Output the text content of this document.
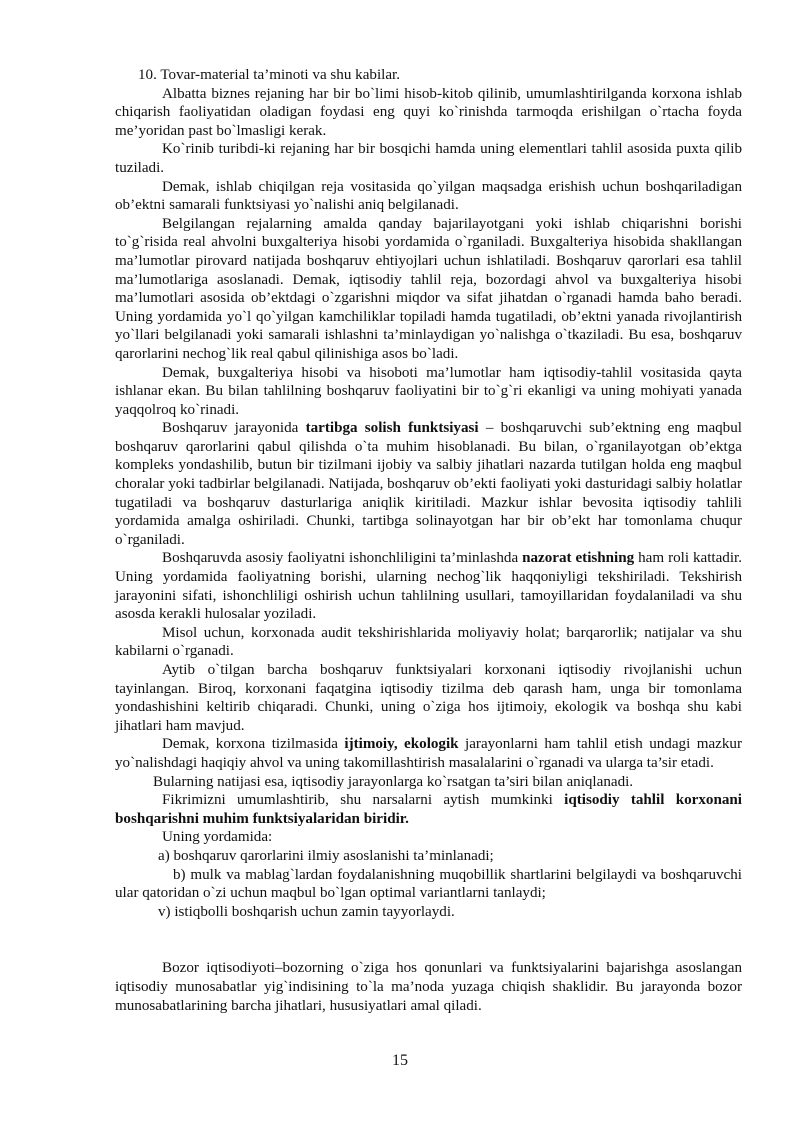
10. Tovar-material ta’minoti va shu kabilar.

Albatta biznes rejaning har bir bo`limi hisob-kitob qilinib, umumlashtirilganda korxona ishlab chiqarish faoliyatidan oladigan foydasi eng quyi ko`rinishda tarmoqda erishilgan o`rtacha foyda me’yoridan past bo`lmasligi kerak.

Ko`rinib turibdi-ki rejaning har bir bosqichi hamda uning elementlari tahlil asosida puxta qilib tuziladi.

Demak, ishlab chiqilgan reja vositasida qo`yilgan maqsadga erishish uchun boshqariladigan ob’ektni samarali funktsiyasi yo`nalishi aniq belgilanadi.

Belgilangan rejalarning amalda qanday bajarilayotgani yoki ishlab chiqarishni borishi to`g`risida real ahvolni buxgalteriya hisobi yordamida o`rganiladi. Buxgalteriya hisobida shakllangan ma’lumotlar pirovard natijada boshqaruv ehtiyojlari uchun ishlatiladi. Boshqaruv qarorlari esa tahlil ma’lumotlariga asoslanadi. Demak, iqtisodiy tahlil reja, bozordagi ahvol va buxgalteriya hisobi ma’lumotlari asosida ob’ektdagi o`zgarishni miqdor va sifat jihatdan o`rganadi hamda baho beradi. Uning yordamida yo`l qo`yilgan kamchiliklar topiladi hamda tugatiladi, ob’ektni yanada rivojlantirish yo`llari belgilanadi yoki samarali ishlashni ta’minlaydigan yo`nalishga o`tkaziladi. Bu esa, boshqaruv qarorlarini nechog`lik real qabul qilinishiga asos bo`ladi.

Demak, buxgalteriya hisobi va hisoboti ma’lumotlar ham iqtisodiy-tahlil vositasida qayta ishlanar ekan. Bu bilan tahlilning boshqaruv faoliyatini bir to`g`ri ekanligi va uning mohiyati yanada yaqqolroq ko`rinadi.

Boshqaruv jarayonida tartibga solish funktsiyasi – boshqaruvchi sub’ektning eng maqbul boshqaruv qarorlarini qabul qilishda o`ta muhim hisoblanadi. Bu bilan, o`rganilayotgan ob’ektga kompleks yondashilib, butun bir tizilmani ijobiy va salbiy jihatlari nazarda tutilgan holda eng maqbul choralar yoki tadbirlar belgilanadi. Natijada, boshqaruv ob’ekti faoliyati yoki dasturidagi salbiy holatlar tugatiladi va boshqaruv dasturlariga aniqlik kiritiladi. Mazkur ishlar bevosita iqtisodiy tahlili yordamida amalga oshiriladi. Chunki, tartibga solinayotgan har bir ob’ekt har tomonlama chuqur o`rganiladi.

Boshqaruvda asosiy faoliyatni ishonchliligini ta’minlashda nazorat etishning ham roli kattadir. Uning yordamida faoliyatning borishi, ularning nechog`lik haqqoniyligi tekshiriladi. Tekshirish jarayonini sifati, ishonchliligi oshirish uchun tahlilning usullari, tamoyillaridan foydalaniladi va shu asosda kerakli hulosalar yoziladi.

Misol uchun, korxonada audit tekshirishlarida moliyaviy holat; barqarorlik; natijalar va shu kabilarni o`rganadi.

Aytib o`tilgan barcha boshqaruv funktsiyalari korxonani iqtisodiy rivojlanishi uchun tayinlangan. Biroq, korxonani faqatgina iqtisodiy tizilma deb qarash ham, unga bir tomonlama yondashishini keltirib chiqaradi. Chunki, uning o`ziga hos ijtimoiy, ekologik va boshqa shu kabi jihatlari ham mavjud.

Demak, korxona tizilmasida ijtimoiy, ekologik jarayonlarni ham tahlil etish undagi mazkur yo`nalishdagi haqiqiy ahvol va uning takomillashtirish masalalarini o`rganadi va ularga ta’sir etadi.

Bularning natijasi esa, iqtisodiy jarayonlarga ko`rsatgan ta’siri bilan aniqlanadi.

Fikrimizni umumlashtirib, shu narsalarni aytish mumkinki iqtisodiy tahlil korxonani boshqarishni muhim funktsiyalaridan biridir.

Uning yordamida:

a) boshqaruv qarorlarini ilmiy asoslanishi ta’minlanadi;

b) mulk va mablag`lardan foydalanishning muqobillik shartlarini belgilaydi va boshqaruvchi ular qatoridan o`zi uchun maqbul bo`lgan optimal variantlarni tanlaydi;

v) istiqbolli boshqarish uchun zamin tayyorlaydi.

Bozor iqtisodiyoti–bozorning o`ziga hos qonunlari va funktsiyalarini bajarishga asoslangan iqtisodiy munosabatlar yig`indisining to`la ma’noda yuzaga chiqish shaklidir. Bu jarayonda bozor munosabatlarining barcha jihatlari, hususiyatlari amal qiladi.

15
